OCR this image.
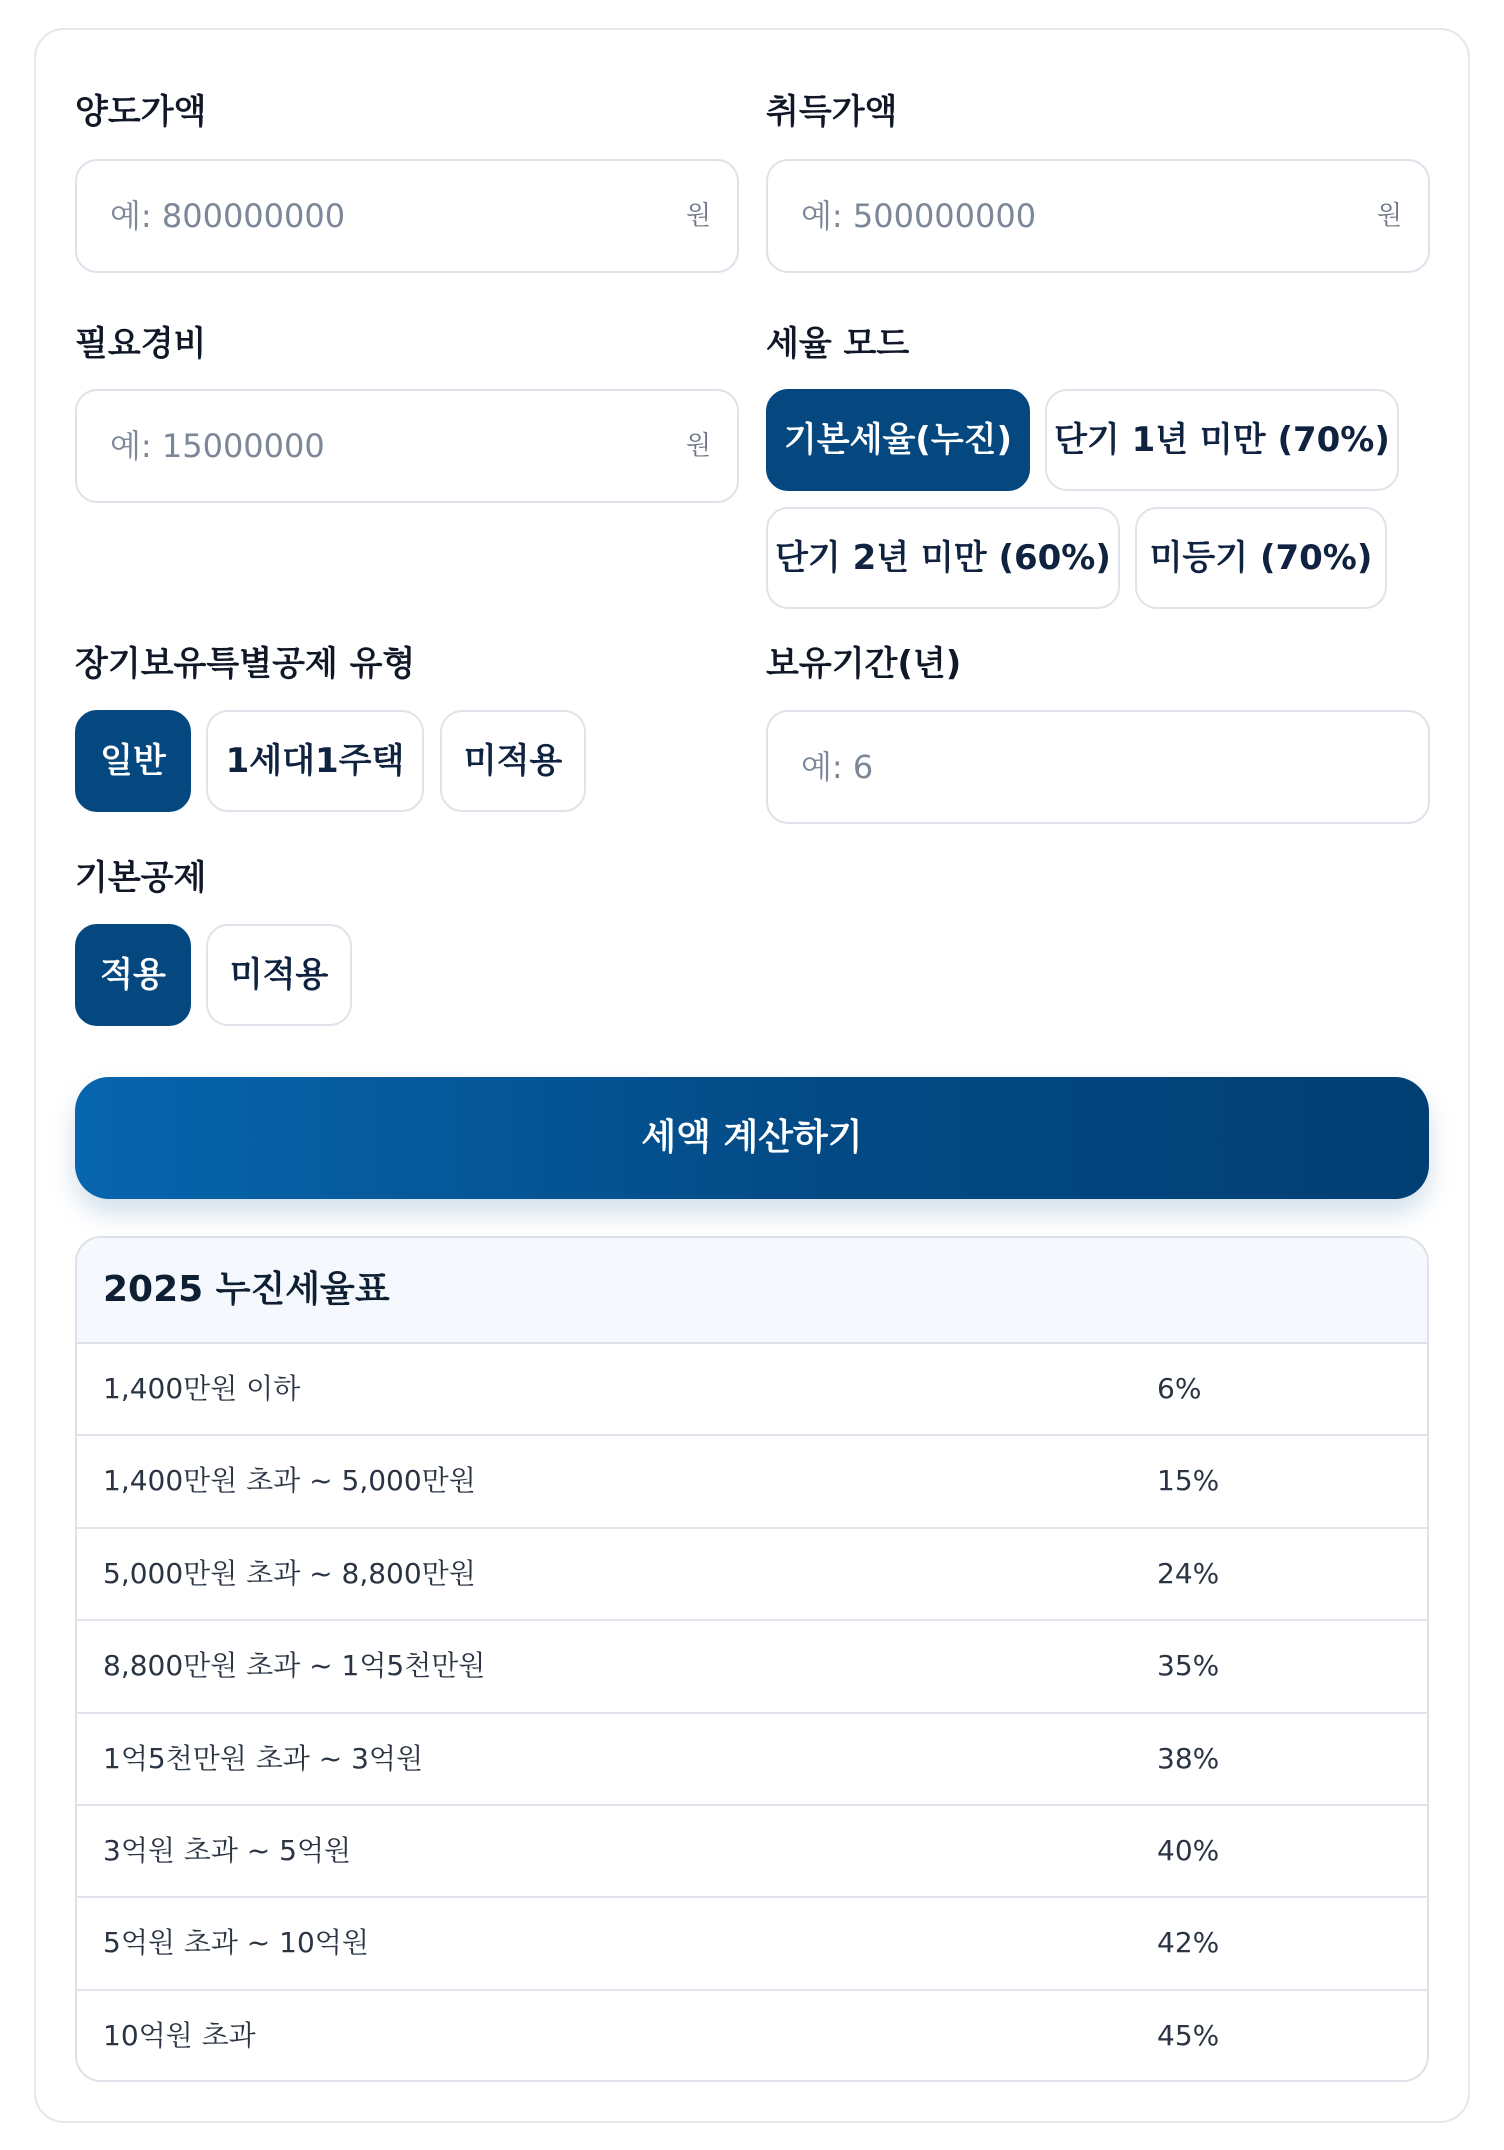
양도가액
예: 800000000	원
취득가액
예: 500000000	원
필요경비
예: 15000000	원
세율 모드
기본세율(누진)	단기 1년 미만 (70%)
단기 2년 미만 (60%)	미등기 (70%)
장기보유특별공제 유형
일반	1세대1주택	미적용
보유기간(년)
예: 6
기본공제
적용	미적용
세액 계산하기
2025 누진세율표
1,400만원 이하	6%
1,400만원 초과 ~ 5,000만원	15%
5,000만원 초과 ~ 8,800만원	24%
8,800만원 초과 ~ 1억5천만원	35%
1억5천만원 초과 ~ 3억원	38%
3억원 초과 ~ 5억원	40%
5억원 초과 ~ 10억원	42%
10억원 초과	45%
